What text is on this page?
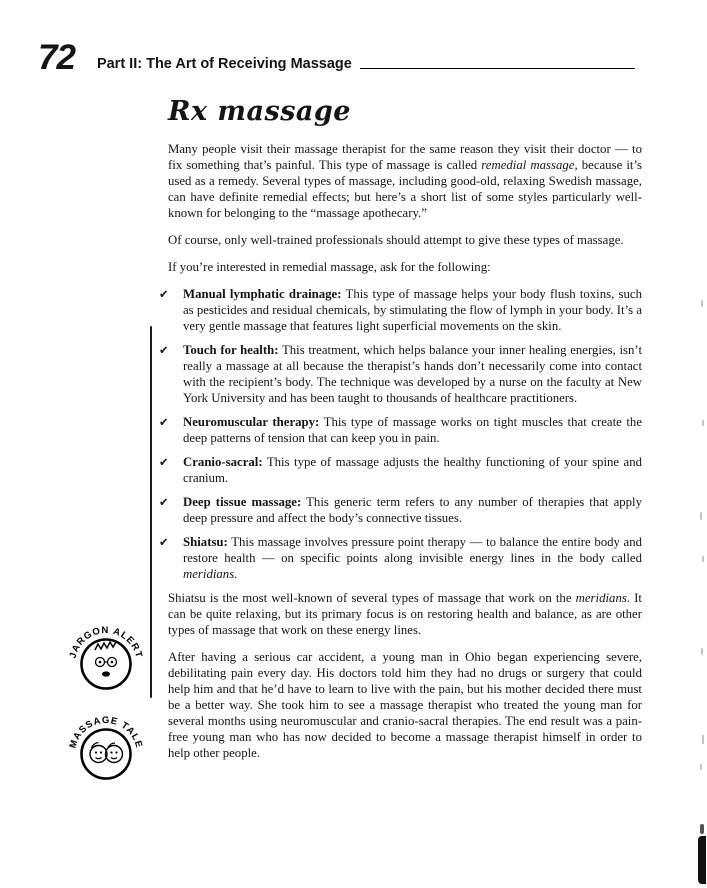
72 Part II: The Art of Receiving Massage
Rx massage

Many people visit their massage therapist for the same reason they visit their doctor — to fix something that’s painful. This type of massage is called remedial massage, because it’s used as a remedy. Several types of massage, including good-old, relaxing Swedish massage, can have definite remedial effects; but here’s a short list of some styles particularly well-known for belonging to the “massage apothecary.”

Of course, only well-trained professionals should attempt to give these types of massage.

If you’re interested in remedial massage, ask for the following:

✔ Manual lymphatic drainage: This type of massage helps your body flush toxins, such as pesticides and residual chemicals, by stimulating the flow of lymph in your body. It’s a very gentle massage that features light superficial movements on the skin.
✔ Touch for health: This treatment, which helps balance your inner healing energies, isn’t really a massage at all because the therapist’s hands don’t necessarily come into contact with the recipient’s body. The technique was developed by a nurse on the faculty at New York University and has been taught to thousands of healthcare practitioners.
✔ Neuromuscular therapy: This type of massage works on tight muscles that create the deep patterns of tension that can keep you in pain.
✔ Cranio-sacral: This type of massage adjusts the healthy functioning of your spine and cranium.
✔ Deep tissue massage: This generic term refers to any number of therapies that apply deep pressure and affect the body’s connective tissues.
✔ Shiatsu: This massage involves pressure point therapy — to balance the entire body and restore health — on specific points along invisible energy lines in the body called meridians.

Shiatsu is the most well-known of several types of massage that work on the meridians. It can be quite relaxing, but its primary focus is on restoring health and balance, as are other types of massage that work on these energy lines.

After having a serious car accident, a young man in Ohio began experiencing severe, debilitating pain every day. His doctors told him they had no drugs or surgery that could help him and that he’d have to learn to live with the pain, but his mother decided there must be a better way. She took him to see a massage therapist who treated the young man for several months using neuromuscular and cranio-sacral therapies. The end result was a pain-free young man who has now decided to become a massage therapist himself in order to help other people.

JARGON ALERT
MASSAGE TALE
